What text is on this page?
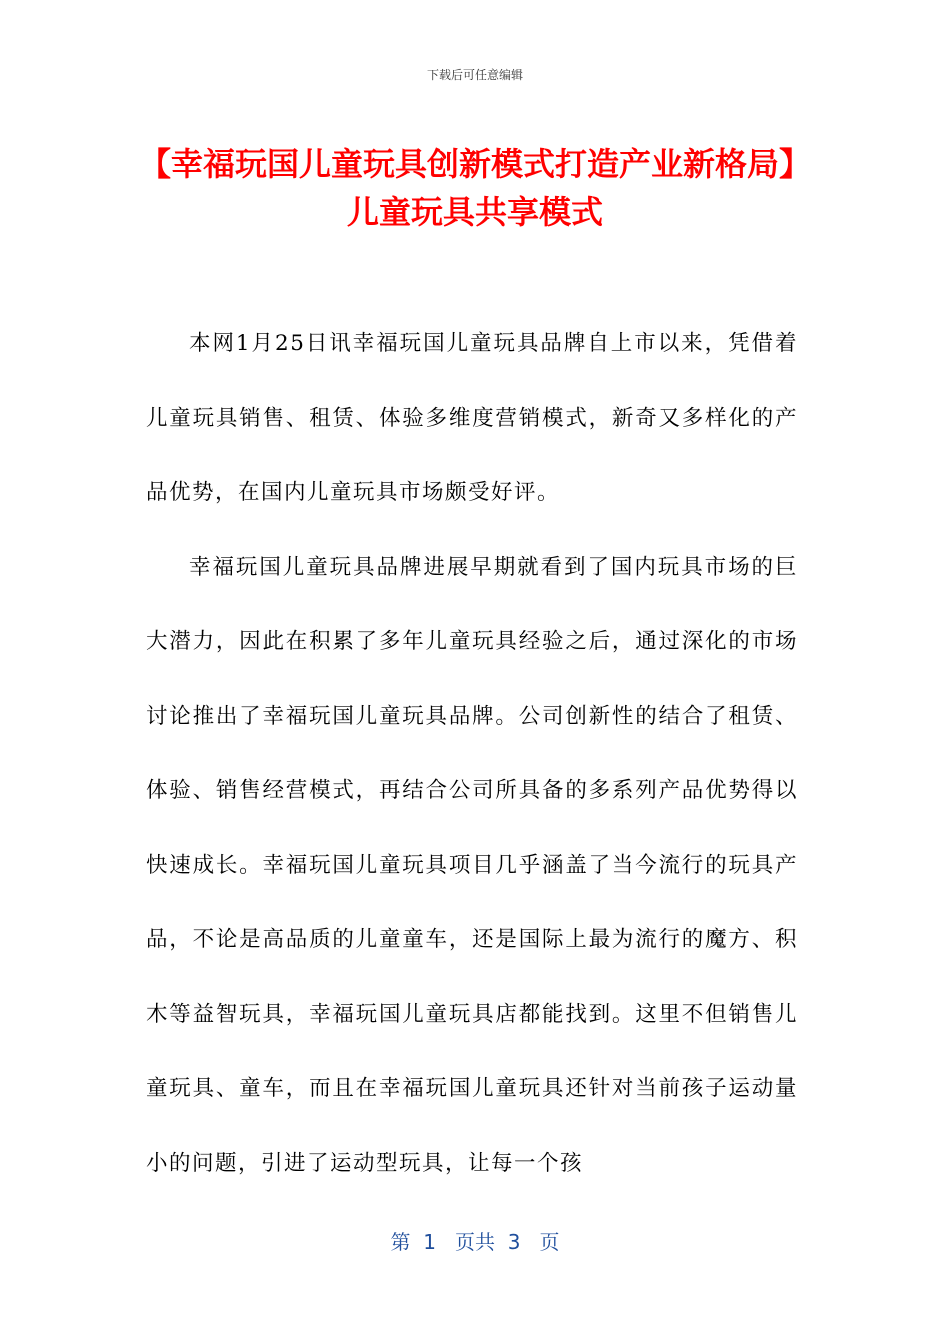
下载后可任意编辑
【幸福玩国儿童玩具创新模式打造产业新格局】 儿童玩具共享模式

本网1月25日讯幸福玩国儿童玩具品牌自上市以来，凭借着儿童玩具销售、租赁、体验多维度营销模式，新奇又多样化的产品优势，在国内儿童玩具市场颇受好评。

幸福玩国儿童玩具品牌进展早期就看到了国内玩具市场的巨大潜力，因此在积累了多年儿童玩具经验之后，通过深化的市场讨论推出了幸福玩国儿童玩具品牌。公司创新性的结合了租赁、体验、销售经营模式，再结合公司所具备的多系列产品优势得以快速成长。幸福玩国儿童玩具项目几乎涵盖了当今流行的玩具产品，不论是高品质的儿童童车，还是国际上最为流行的魔方、积木等益智玩具，幸福玩国儿童玩具店都能找到。这里不但销售儿童玩具、童车，而且在幸福玩国儿童玩具还针对当前孩子运动量小的问题，引进了运动型玩具，让每一个孩

第  1   页共  3   页
